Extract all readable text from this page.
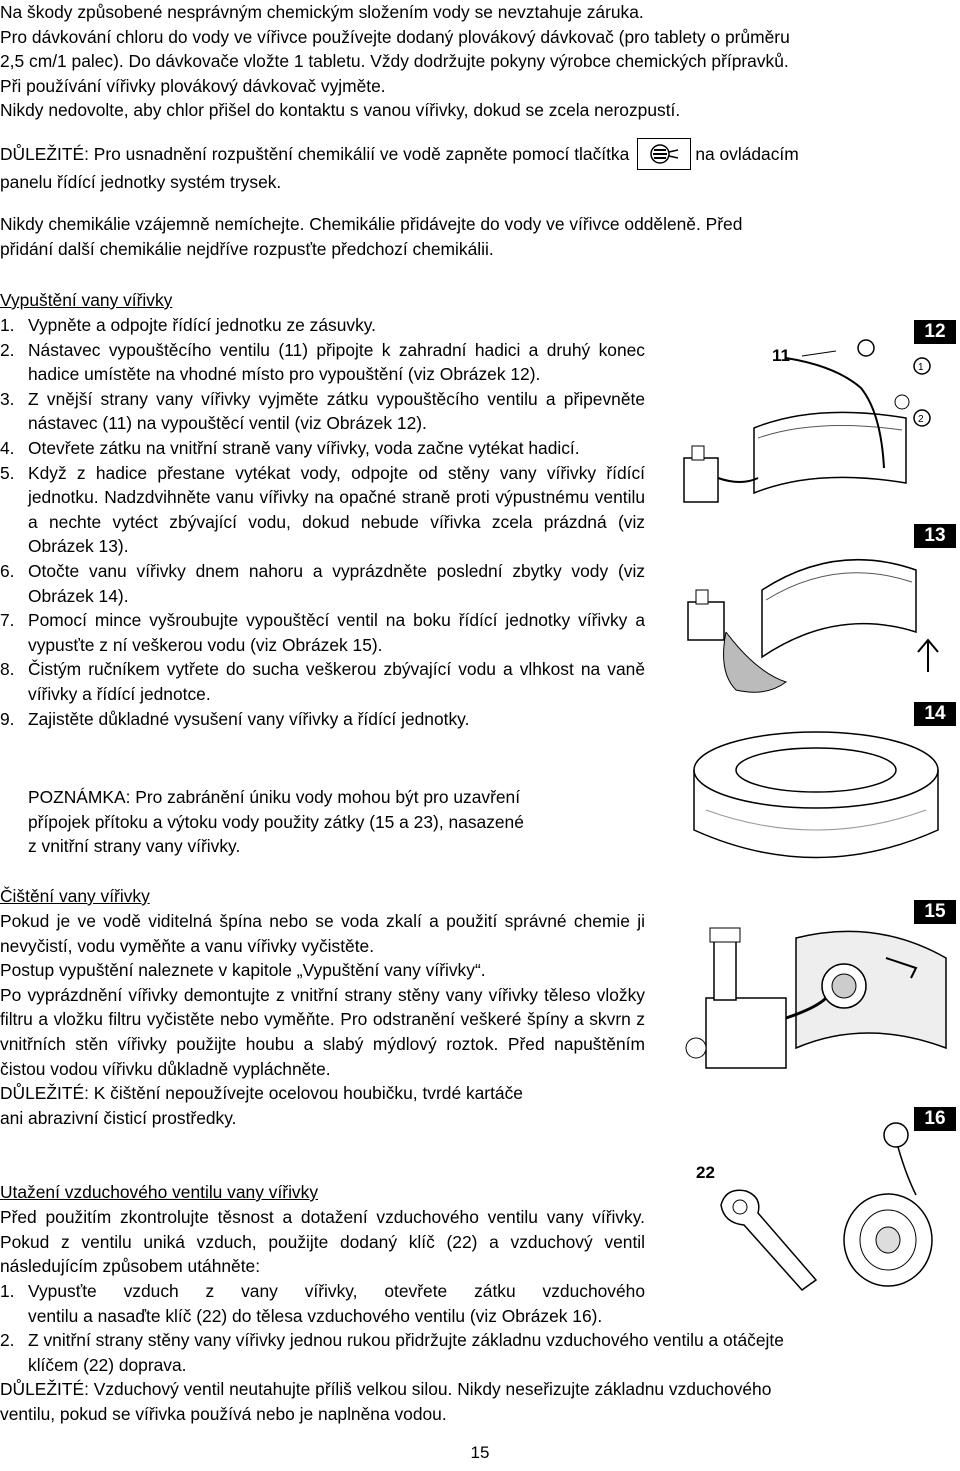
Na škody způsobené nesprávným chemickým složením vody se nevztahuje záruka.
Pro dávkování chloru do vody ve vířivce používejte dodaný plovákový dávkovač (pro tablety o průměru
2,5 cm/1 palec). Do dávkovače vložte 1 tabletu. Vždy dodržujte pokyny výrobce chemických přípravků.
Při používání vířivky plovákový dávkovač vyjměte.
Nikdy nedovolte, aby chlor přišel do kontaktu s vanou vířivky, dokud se zcela nerozpustí.
DŮLEŽITÉ: Pro usnadnění rozpuštění chemikálií ve vodě zapněte pomocí tlačítka	na ovládacím
panelu řídící jednotky systém trysek.
Nikdy chemikálie vzájemně nemíchejte. Chemikálie přidávejte do vody ve vířivce odděleně. Před
přidání další chemikálie nejdříve rozpusťte předchozí chemikálii.
Vypuštění vany vířivky
1. Vypněte a odpojte řídící jednotku ze zásuvky.
2. Nástavec vypouštěcího ventilu (11) připojte k zahradní hadici a druhý konec hadice umístěte na vhodné místo pro vypouštění (viz Obrázek 12).
3. Z vnější strany vany vířivky vyjměte zátku vypouštěcího ventilu a připevněte nástavec (11) na vypouštěcí ventil (viz Obrázek 12).
4. Otevřete zátku na vnitřní straně vany vířivky, voda začne vytékat hadicí.
5. Když z hadice přestane vytékat vody, odpojte od stěny vany vířivky řídící jednotku. Nadzdvihněte vanu vířivky na opačné straně proti výpustnému ventilu a nechte vytéct zbývající vodu, dokud nebude vířivka zcela prázdná (viz Obrázek 13).
6. Otočte vanu vířivky dnem nahoru a vyprázdněte poslední zbytky vody (viz Obrázek 14).
7. Pomocí mince vyšroubujte vypouštěcí ventil na boku řídící jednotky vířivky a vypusťte z ní veškerou vodu (viz Obrázek 15).
8. Čistým ručníkem vytřete do sucha veškerou zbývající vodu a vlhkost na vaně vířivky a řídící jednotce.
9. Zajistěte důkladné vysušení vany vířivky a řídící jednotky.
POZNÁMKA: Pro zabránění úniku vody mohou být pro uzavření
přípojek přítoku a výtoku vody použity zátky (15 a 23), nasazené
z vnitřní strany vany vířivky.
Čištění vany vířivky
Pokud je ve vodě viditelná špína nebo se voda zkalí a použití správné chemie ji nevyčistí, vodu vyměňte a vanu vířivky vyčistěte.
Postup vypuštění naleznete v kapitole „Vypuštění vany vířivky“.
Po vyprázdnění vířivky demontujte z vnitřní strany stěny vany vířivky těleso vložky filtru a vložku filtru vyčistěte nebo vyměňte. Pro odstranění veškeré špíny a skvrn z vnitřních stěn vířivky použijte houbu a slabý mýdlový roztok. Před napuštěním čistou vodou vířivku důkladně vypláchněte.
DŮLEŽITÉ: K čištění nepoužívejte ocelovou houbičku, tvrdé kartáče
ani abrazivní čisticí prostředky.
Utažení vzduchového ventilu vany vířivky
Před použitím zkontrolujte těsnost a dotažení vzduchového ventilu vany vířivky. Pokud z ventilu uniká vzduch, použijte dodaný klíč (22) a vzduchový ventil následujícím způsobem utáhněte:
1. Vypusťte vzduch z vany vířivky, otevřete zátku vzduchového
ventilu a nasaďte klíč (22) do tělesa vzduchového ventilu (viz Obrázek 16).
2. Z vnitřní strany stěny vany vířivky jednou rukou přidržujte základnu vzduchového ventilu a otáčejte
klíčem (22) doprava.
DŮLEŽITÉ: Vzduchový ventil neutahujte příliš velkou silou. Nikdy neseřizujte základnu vzduchového
ventilu, pokud se vířivka používá nebo je naplněna vodou.
12
11
1
2
13
14
15
16
22
15
